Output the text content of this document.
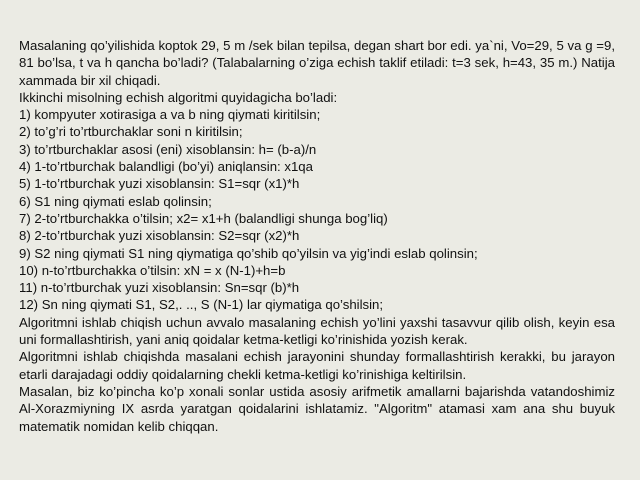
Masalaning qo’yilishida koptok 29, 5 m /sek bilan tepilsa, degan shart bor edi. ya`ni, Vo=29, 5 va g =9, 81 bo’lsa, t va h qancha bo’ladi? (Talabalarning o’ziga echish taklif etiladi: t=3 sek, h=43, 35 m.) Natija xammada bir xil chiqadi.

Ikkinchi misolning echish algoritmi quyidagicha bo’ladi:

1) kompyuter xotirasiga a va b ning qiymati kiritilsin;

2) to’g’ri to’rtburchaklar soni n kiritilsin;

3) to’rtburchaklar asosi (eni) xisoblansin: h= (b-a)/n

4) 1-to’rtburchak balandligi (bo’yi) aniqlansin: x1qa

5) 1-to’rtburchak yuzi xisoblansin: S1=sqr (x1)*h

6) S1 ning qiymati eslab qolinsin;

7) 2-to’rtburchakka o’tilsin; x2= x1+h (balandligi shunga bog’liq)

8) 2-to’rtburchak yuzi xisoblansin: S2=sqr (x2)*h

9) S2 ning qiymati S1 ning qiymatiga qo’shib qo’yilsin va yig’indi eslab qolinsin;

10) n-to’rtburchakka o’tilsin: xN = x (N-1)+h=b

11) n-to’rtburchak yuzi xisoblansin: Sn=sqr (b)*h

12) Sn ning qiymati S1, S2,. .., S (N-1) lar qiymatiga qo’shilsin;

Algoritmni ishlab chiqish uchun avvalo masalaning echish yo’lini yaxshi tasavvur qilib olish, keyin esa uni formallashtirish, yani aniq qoidalar ketma-ketligi ko’rinishida yozish kerak.

Algoritmni ishlab chiqishda masalani echish jarayonini shunday formallashtirish kerakki, bu jarayon etarli darajadagi oddiy qoidalarning chekli ketma-ketligi ko’rinishiga keltirilsin.

Masalan, biz ko’pincha ko’p xonali sonlar ustida asosiy arifmetik amallarni bajarishda vatandoshimiz Al-Xorazmiyning IX asrda yaratgan qoidalarini ishlatamiz. "Algoritm" atamasi xam ana shu buyuk matematik nomidan kelib chiqqan.
